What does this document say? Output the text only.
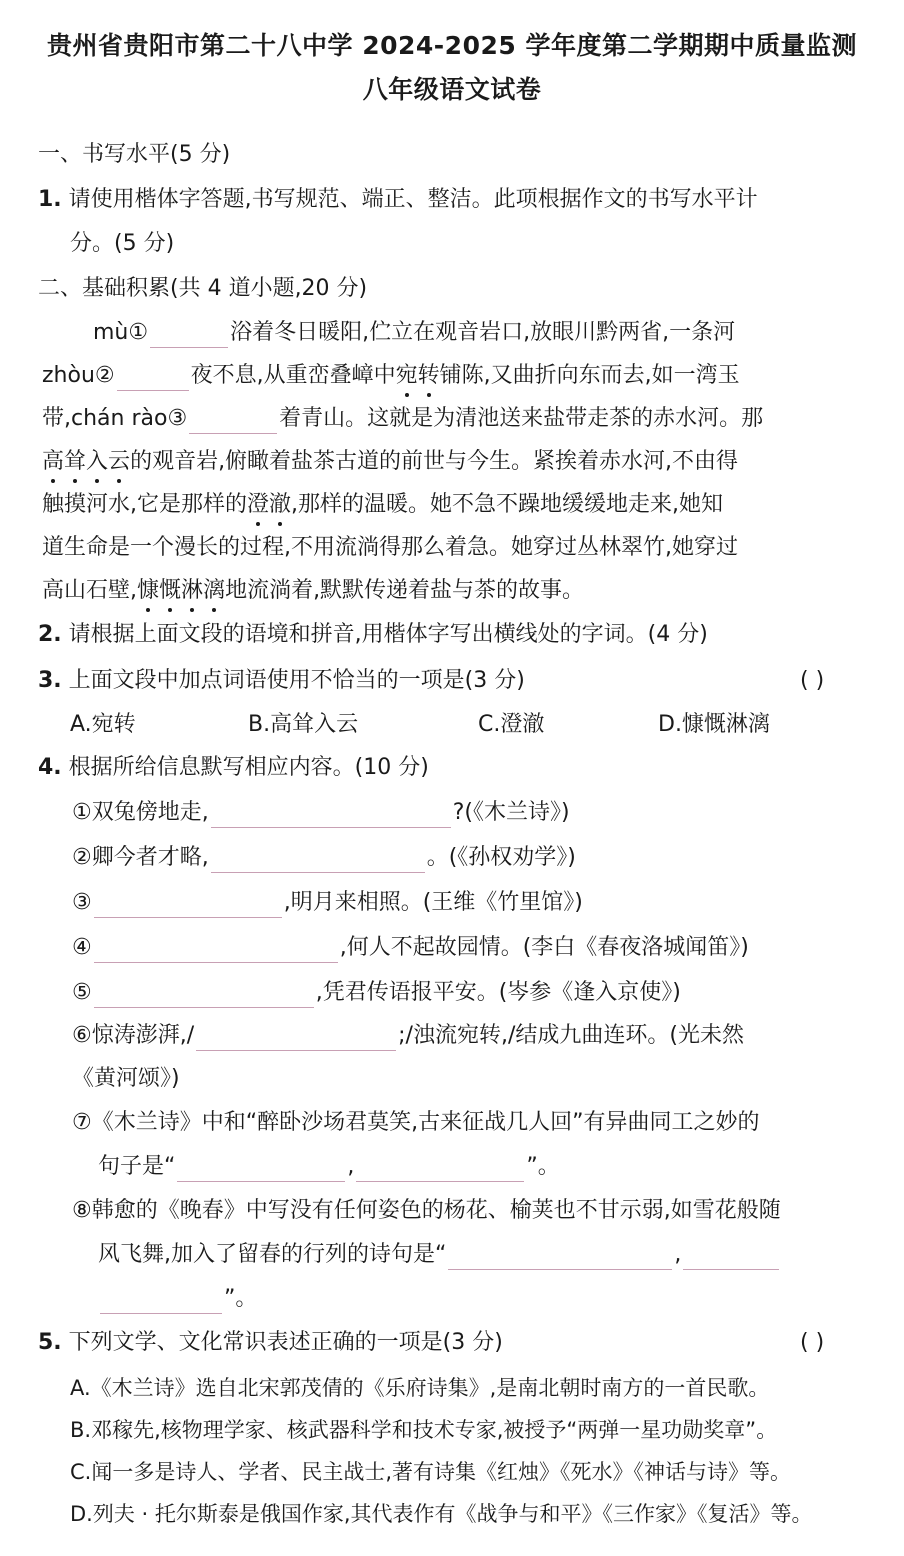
贵州省贵阳市第二十八中学 2024-2025 学年度第二学期期中质量监测
八年级语文试卷
一、书写水平(5 分)
1. 请使用楷体字答题,书写规范、端正、整洁。此项根据作文的书写水平计
分。(5 分)
二、基础积累(共 4 道小题,20 分)
mù①	浴着冬日暖阳,伫立在观音岩口,放眼川黔两省,一条河
zhòu②	夜不息,从重峦叠嶂中宛转铺陈,又曲折向东而去,如一湾玉
带,chán rào③	着青山。这就是为清池送来盐带走茶的赤水河。那
高耸入云的观音岩,俯瞰着盐茶古道的前世与今生。紧挨着赤水河,不由得
触摸河水,它是那样的澄澈,那样的温暖。她不急不躁地缓缓地走来,她知
道生命是一个漫长的过程,不用流淌得那么着急。她穿过丛林翠竹,她穿过
高山石壁,慷慨淋漓地流淌着,默默传递着盐与茶的故事。
2. 请根据上面文段的语境和拼音,用楷体字写出横线处的字词。(4 分)
3. 上面文段中加点词语使用不恰当的一项是(3 分)	( )
A.宛转	B.高耸入云	C.澄澈	D.慷慨淋漓
4. 根据所给信息默写相应内容。(10 分)
①双兔傍地走,	?(《木兰诗》)
②卿今者才略,	。(《孙权劝学》)
③	,明月来相照。(王维《竹里馆》)
④	,何人不起故园情。(李白《春夜洛城闻笛》)
⑤	,凭君传语报平安。(岑参《逢入京使》)
⑥惊涛澎湃,/	;/浊流宛转,/结成九曲连环。(光未然
《黄河颂》)
⑦《木兰诗》中和“醉卧沙场君莫笑,古来征战几人回”有异曲同工之妙的
句子是“	,	”。
⑧韩愈的《晚春》中写没有任何姿色的杨花、榆荚也不甘示弱,如雪花般随
风飞舞,加入了留春的行列的诗句是“	,
”。
5. 下列文学、文化常识表述正确的一项是(3 分)	( )
A.《木兰诗》选自北宋郭茂倩的《乐府诗集》,是南北朝时南方的一首民歌。
B.邓稼先,核物理学家、核武器科学和技术专家,被授予“两弹一星功勋奖章”。
C.闻一多是诗人、学者、民主战士,著有诗集《红烛》《死水》《神话与诗》等。
D.列夫 · 托尔斯泰是俄国作家,其代表作有《战争与和平》《三作家》《复活》等。
